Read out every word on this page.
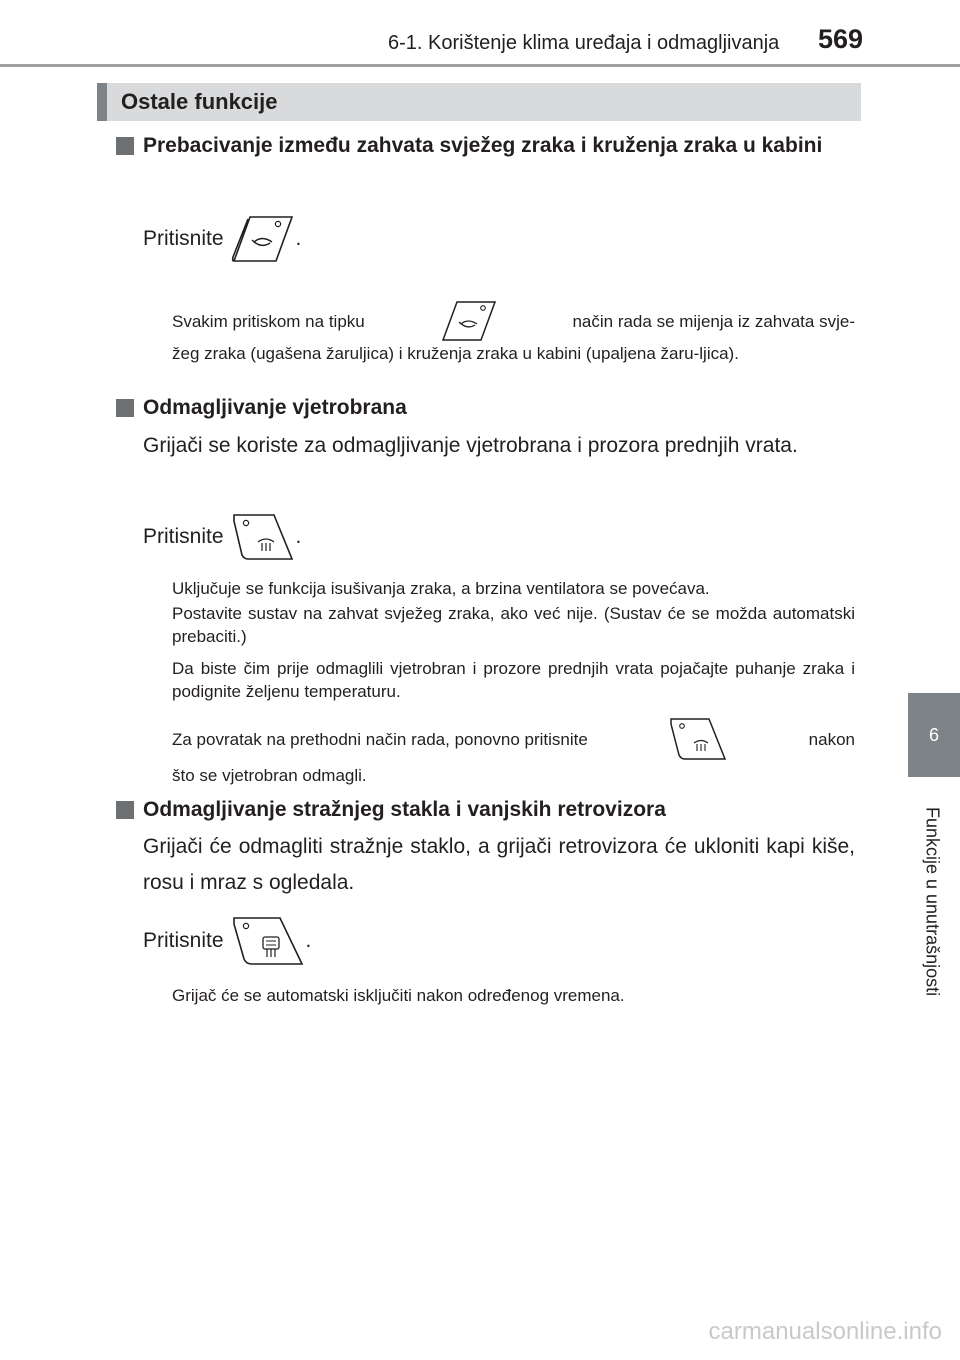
6-1. Korištenje klima uređaja i odmagljivanja 569
6
Funkcije u unutrašnjosti
Ostale funkcije
Prebacivanje između zahvata svježeg zraka i kruženja zraka u kabini
Pritisnite	.
Svakim pritiskom na tipku	način rada se mijenja iz zahvata svje-
žeg zraka (ugašena žaruljica) i kruženja zraka u kabini (upaljena žaru-ljica).
Odmagljivanje vjetrobrana
Grijači se koriste za odmagljivanje vjetrobrana i prozora prednjih vrata.
Pritisnite	.
Uključuje se funkcija isušivanja zraka, a brzina ventilatora se povećava.
Postavite sustav na zahvat svježeg zraka, ako već nije. (Sustav će se možda automatski prebaciti.)
Da biste čim prije odmaglili vjetrobran i prozore prednjih vrata pojačajte puhanje zraka i podignite željenu temperaturu.
Za povratak na prethodni način rada, ponovno pritisnite	nakon
što se vjetrobran odmagli.
Odmagljivanje stražnjeg stakla i vanjskih retrovizora
Grijači će odmagliti stražnje staklo, a grijači retrovizora će ukloniti kapi kiše, rosu i mraz s ogledala.
Pritisnite	.
Grijač će se automatski isključiti nakon određenog vremena.
carmanualsonline.info
